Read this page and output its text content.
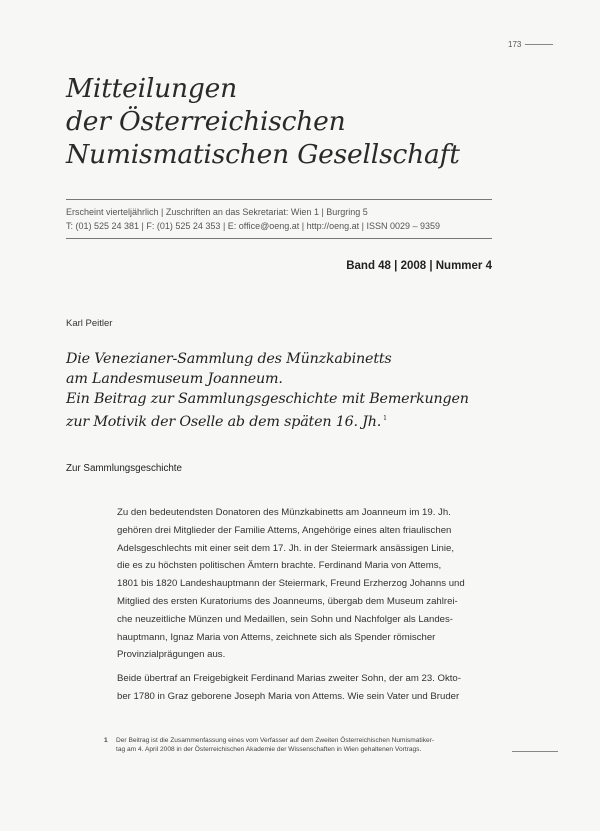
173
Mitteilungen
der Österreichischen
Numismatischen Gesellschaft
Erscheint vierteljährlich | Zuschriften an das Sekretariat: Wien 1 | Burgring 5
T: (01) 525 24 381 | F: (01) 525 24 353 | E: office@oeng.at | http://oeng.at | ISSN 0029 – 9359
Band 48 | 2008 | Nummer 4
Karl Peitler
Die Venezianer-Sammlung des Münzkabinetts
am Landesmuseum Joanneum.
Ein Beitrag zur Sammlungsgeschichte mit Bemerkungen
zur Motivik der Oselle ab dem späten 16. Jh. $^1$
Zur Sammlungsgeschichte

Zu den bedeutendsten Donatoren des Münzkabinetts am Joanneum im 19. Jh.
gehören drei Mitglieder der Familie Attems, Angehörige eines alten friaulischen
Adelsgeschlechts mit einer seit dem 17. Jh. in der Steiermark ansässigen Linie,
die es zu höchsten politischen Ämtern brachte. Ferdinand Maria von Attems,
1801 bis 1820 Landeshauptmann der Steiermark, Freund Erzherzog Johanns und
Mitglied des ersten Kuratoriums des Joanneums, übergab dem Museum zahlrei-
che neuzeitliche Münzen und Medaillen, sein Sohn und Nachfolger als Landes-
hauptmann, Ignaz Maria von Attems, zeichnete sich als Spender römischer
Provinzialprägungen aus.

Beide übertraf an Freigebigkeit Ferdinand Marias zweiter Sohn, der am 23. Okto-
ber 1780 in Graz geborene Joseph Maria von Attems. Wie sein Vater und Bruder

1	Der Beitrag ist die Zusammenfassung eines vom Verfasser auf dem Zweiten Österreichischen Numismatiker-
tag am 4. April 2008 in der Österreichischen Akademie der Wissenschaften in Wien gehaltenen Vortrags.
